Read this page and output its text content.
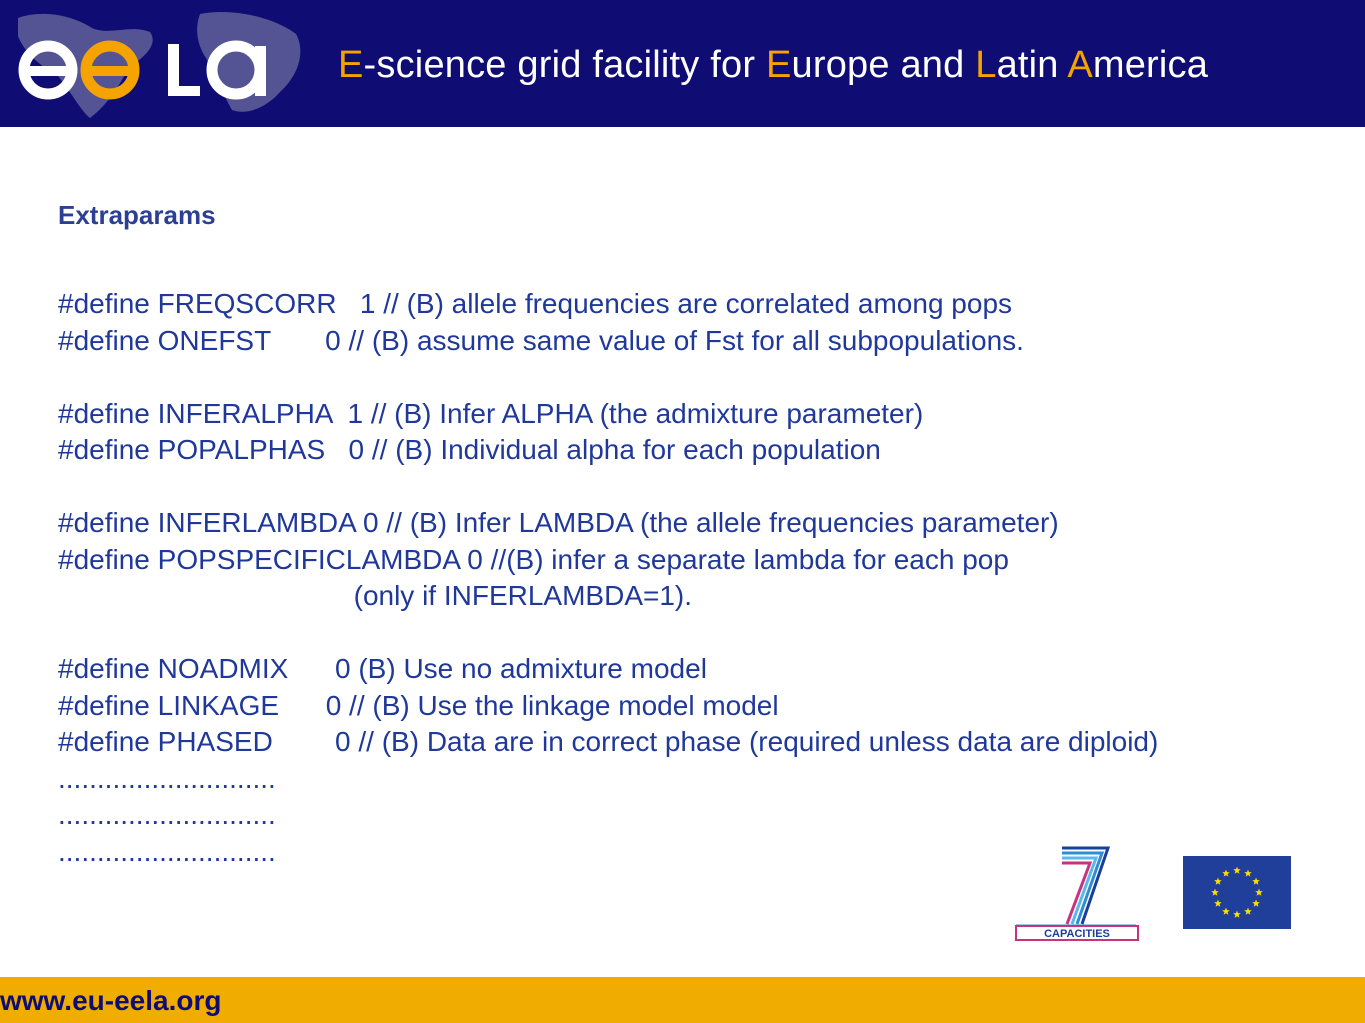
E-science grid facility for Europe and Latin America
Extraparams
#define FREQSCORR   1 // (B) allele frequencies are correlated among pops
#define ONEFST       0 // (B) assume same value of Fst for all subpopulations.
#define INFERALPHA  1 // (B) Infer ALPHA (the admixture parameter)
#define POPALPHAS   0 // (B) Individual alpha for each population
#define INFERLAMBDA 0 // (B) Infer LAMBDA (the allele frequencies parameter)
#define POPSPECIFICLAMBDA 0 //(B) infer a separate lambda for each pop
(only if INFERLAMBDA=1).
#define NOADMIX      0 (B) Use no admixture model
#define LINKAGE      0 // (B) Use the linkage model model
#define PHASED        0 // (B) Data are in correct phase (required unless data are diploid)
............................
............................
............................
CAPACITIES
www.eu-eela.org
